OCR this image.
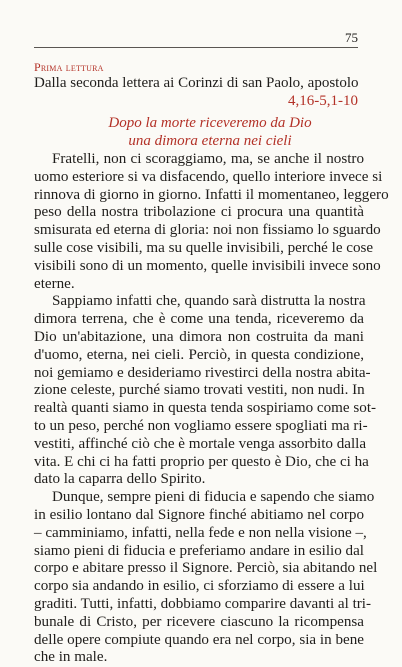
75
Prima lettura
Dalla seconda lettera ai Corinzi di san Paolo, apostolo
4,16-5,1-10
Dopo la morte riceveremo da Dio
una dimora eterna nei cieli

Fratelli, non ci scoraggiamo, ma, se anche il nostro
uomo esteriore si va disfacendo, quello interiore invece si
rinnova di giorno in giorno. Infatti il momentaneo, leggero
peso della nostra tribolazione ci procura una quantità
smisurata ed eterna di gloria: noi non fissiamo lo sguardo
sulle cose visibili, ma su quelle invisibili, perché le cose
visibili sono di un momento, quelle invisibili invece sono
eterne.

Sappiamo infatti che, quando sarà distrutta la nostra
dimora terrena, che è come una tenda, riceveremo da
Dio un'abitazione, una dimora non costruita da mani
d'uomo, eterna, nei cieli. Perciò, in questa condizione,
noi gemiamo e desideriamo rivestirci della nostra abita-
zione celeste, purché siamo trovati vestiti, non nudi. In
realtà quanti siamo in questa tenda sospiriamo come sot-
to un peso, perché non vogliamo essere spogliati ma ri-
vestiti, affinché ciò che è mortale venga assorbito dalla
vita. E chi ci ha fatti proprio per questo è Dio, che ci ha
dato la caparra dello Spirito.

Dunque, sempre pieni di fiducia e sapendo che siamo
in esilio lontano dal Signore finché abitiamo nel corpo
– camminiamo, infatti, nella fede e non nella visione –,
siamo pieni di fiducia e preferiamo andare in esilio dal
corpo e abitare presso il Signore. Perciò, sia abitando nel
corpo sia andando in esilio, ci sforziamo di essere a lui
graditi. Tutti, infatti, dobbiamo comparire davanti al tri-
bunale di Cristo, per ricevere ciascuno la ricompensa
delle opere compiute quando era nel corpo, sia in bene
che in male.
